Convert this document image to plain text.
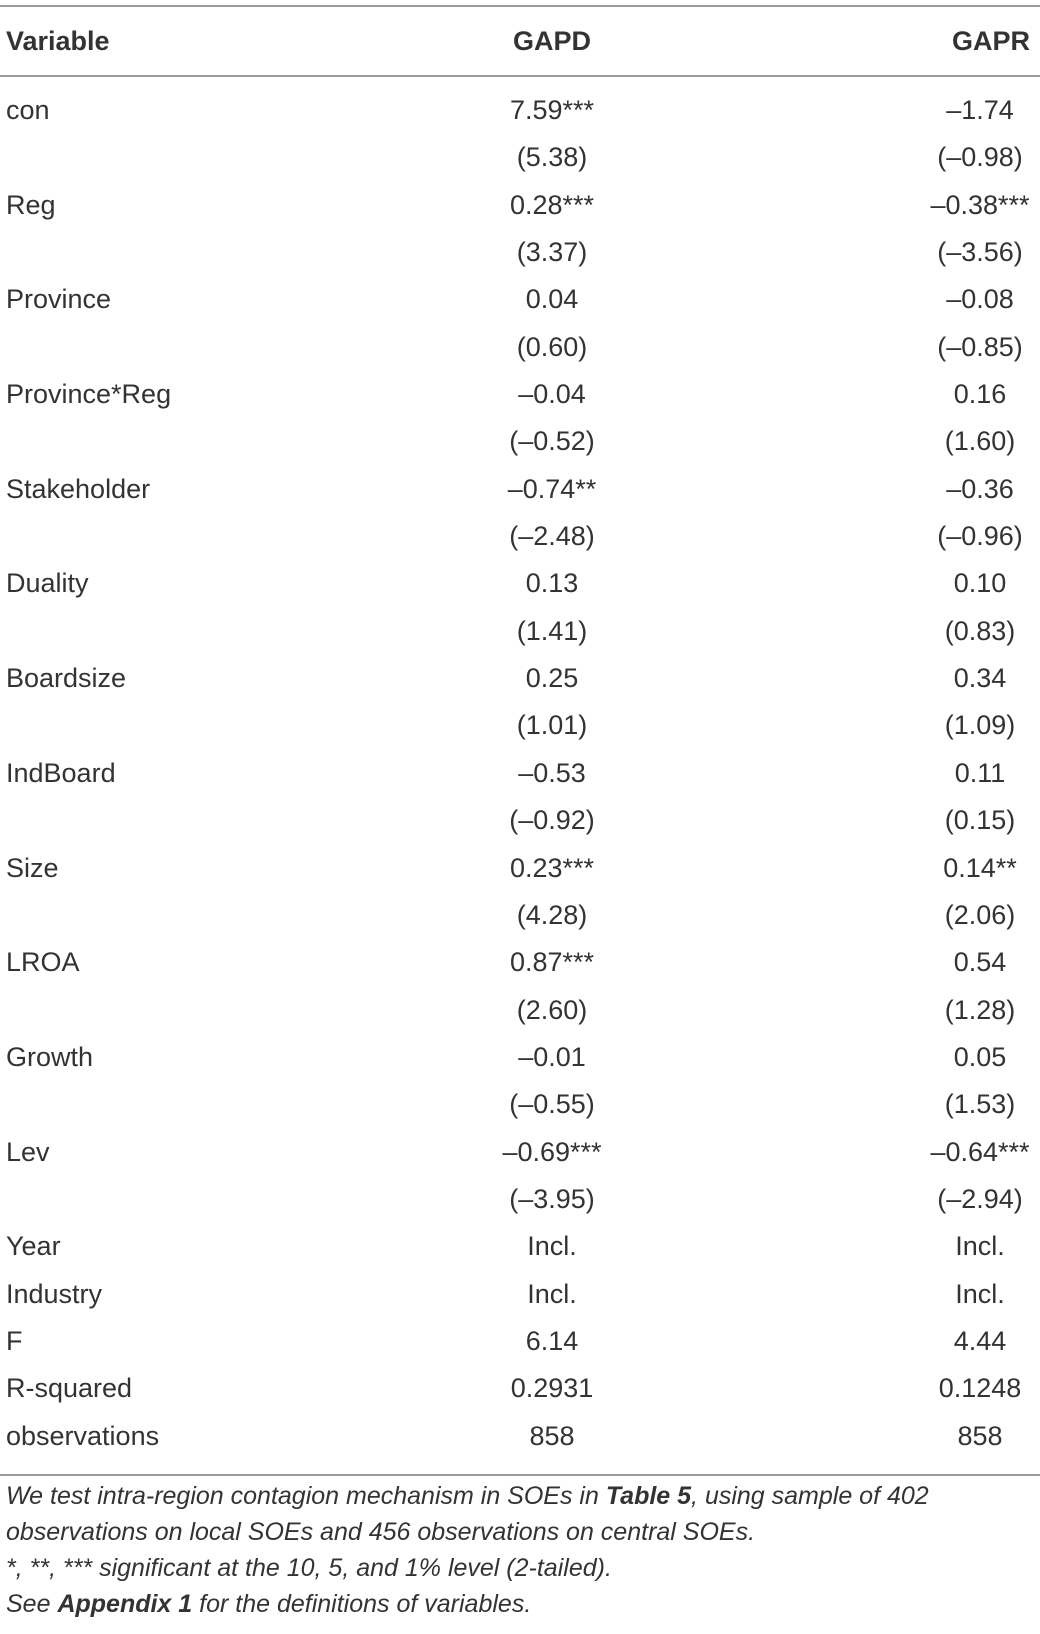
Variable	GAPD	GAPR
con	7.59***	–1.74
(5.38)	(–0.98)
Reg	0.28***	–0.38***
(3.37)	(–3.56)
Province	0.04	–0.08
(0.60)	(–0.85)
Province*Reg	–0.04	0.16
(–0.52)	(1.60)
Stakeholder	–0.74**	–0.36
(–2.48)	(–0.96)
Duality	0.13	0.10
(1.41)	(0.83)
Boardsize	0.25	0.34
(1.01)	(1.09)
IndBoard	–0.53	0.11
(–0.92)	(0.15)
Size	0.23***	0.14**
(4.28)	(2.06)
LROA	0.87***	0.54
(2.60)	(1.28)
Growth	–0.01	0.05
(–0.55)	(1.53)
Lev	–0.69***	–0.64***
(–3.95)	(–2.94)
Year	Incl.	Incl.
Industry	Incl.	Incl.
F	6.14	4.44
R-squared	0.2931	0.1248
observations	858	858

We test intra-region contagion mechanism in SOEs in Table 5, using sample of 402

observations on local SOEs and 456 observations on central SOEs.

*, **, *** significant at the 10, 5, and 1% level (2-tailed).

See Appendix 1 for the definitions of variables.
